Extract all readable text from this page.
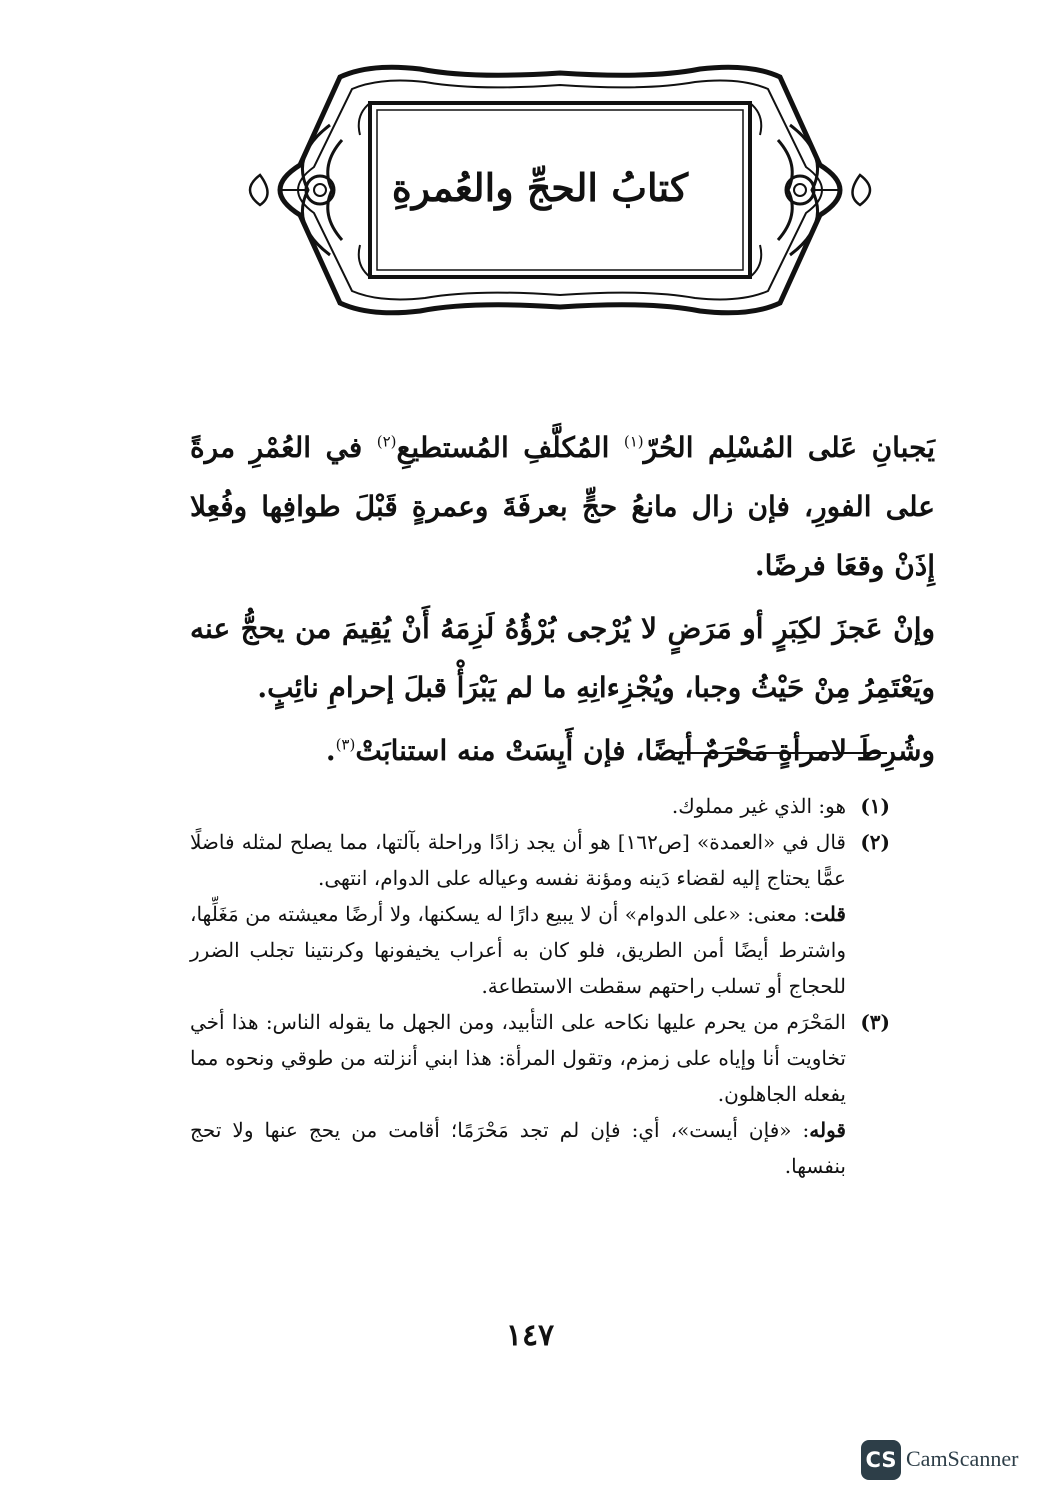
كتابُ الحجِّ والعُمرةِ

يَجبانِ عَلى المُسْلِم الحُرّ$^{(١)}$ المُكلَّفِ المُستطيعِ$^{(٢)}$ في العُمْرِ مرةً على الفورِ، فإن زال مانعُ حجٍّ بعرفَةَ وعمرةٍ قَبْلَ طوافِها وفُعِلا إِذَنْ وقعَا فرضًا.

وإنْ عَجزَ لكِبَرٍ أو مَرَضٍ لا يُرْجى بُرْؤُهُ لَزِمَهُ أَنْ يُقِيمَ من يحجُّ عنه ويَعْتَمِرُ مِنْ حَيْثُ وجبا، ويُجْزِءانِهِ ما لم يَبْرَأْ قبلَ إحرامِ نائِبٍ.

وشُرِطَ لامرأةٍ مَحْرَمٌ أيضًا، فإن أَيِسَتْ منه استنابَتْ$^{(٣)}$.

(١)

هو: الذي غير مملوك.

(٢)

قال في «العمدة» [ص١٦٢] هو أن يجد زادًا وراحلة بآلتها، مما يصلح لمثله فاضلًا عمًّا يحتاج إليه لقضاء دَينه ومؤنة نفسه وعياله على الدوام، انتهى.

قلت: معنى: «على الدوام» أن لا يبيع دارًا له يسكنها، ولا أرضًا معيشته من مَغَلِّها، واشترط أيضًا أمن الطريق، فلو كان به أعراب يخيفونها وكرنتينا تجلب الضرر للحجاج أو تسلب راحتهم سقطت الاستطاعة.

(٣)

المَحْرَم من يحرم عليها نكاحه على التأبيد، ومن الجهل ما يقوله الناس: هذا أخي تخاويت أنا وإياه على زمزم، وتقول المرأة: هذا ابني أنزلته من طوقي ونحوه مما يفعله الجاهلون.

قوله: «فإن أيست»، أي: فإن لم تجد مَحْرَمًا؛ أقامت من يحج عنها ولا تحج بنفسها.

١٤٧
CS CamScanner
